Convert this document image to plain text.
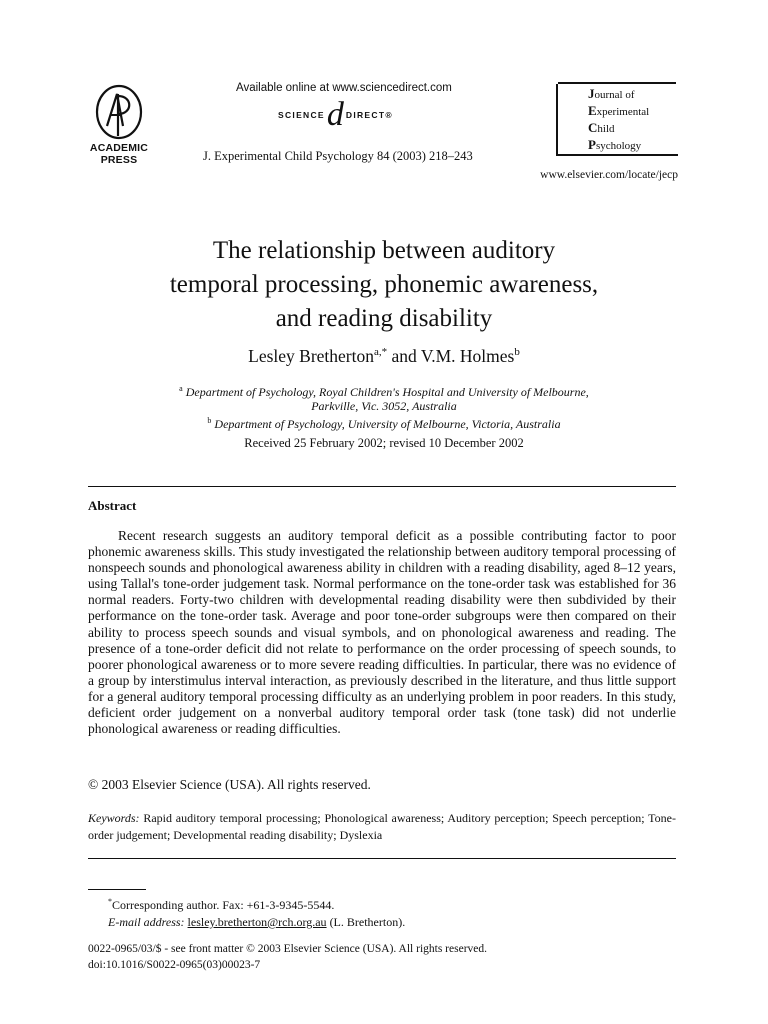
ACADEMIC
PRESS
Available online at www.sciencedirect.com
SCIENCE d DIRECT®
J. Experimental Child Psychology 84 (2003) 218–243
Journal of
Experimental
Child
Psychology
www.elsevier.com/locate/jecp
The relationship between auditory
temporal processing, phonemic awareness,
and reading disability
Lesley Bretherton$^{a,*}$ and V.M. Holmes$^b$
$^a$ Department of Psychology, Royal Children's Hospital and University of Melbourne,
Parkville, Vic. 3052, Australia
$^b$ Department of Psychology, University of Melbourne, Victoria, Australia
Received 25 February 2002; revised 10 December 2002
Abstract
Recent research suggests an auditory temporal deficit as a possible contributing factor to poor phonemic awareness skills. This study investigated the relationship between auditory temporal processing of nonspeech sounds and phonological awareness ability in children with a reading disability, aged 8–12 years, using Tallal's tone-order judgement task. Normal performance on the tone-order task was established for 36 normal readers. Forty-two children with developmental reading disability were then subdivided by their performance on the tone-order task. Average and poor tone-order subgroups were then compared on their ability to process speech sounds and visual symbols, and on phonological awareness and reading. The presence of a tone-order deficit did not relate to performance on the order processing of speech sounds, to poorer phonological awareness or to more severe reading difficulties. In particular, there was no evidence of a group by interstimulus interval interaction, as previously described in the literature, and thus little support for a general auditory temporal processing difficulty as an underlying problem in poor readers. In this study, deficient order judgement on a nonverbal auditory temporal order task (tone task) did not underlie phonological awareness or reading difficulties.
© 2003 Elsevier Science (USA). All rights reserved.
Keywords: Rapid auditory temporal processing; Phonological awareness; Auditory perception; Speech perception; Tone-order judgement; Developmental reading disability; Dyslexia
*Corresponding author. Fax: +61-3-9345-5544.
E-mail address: lesley.bretherton@rch.org.au (L. Bretherton).
0022-0965/03/$ - see front matter © 2003 Elsevier Science (USA). All rights reserved.
doi:10.1016/S0022-0965(03)00023-7
